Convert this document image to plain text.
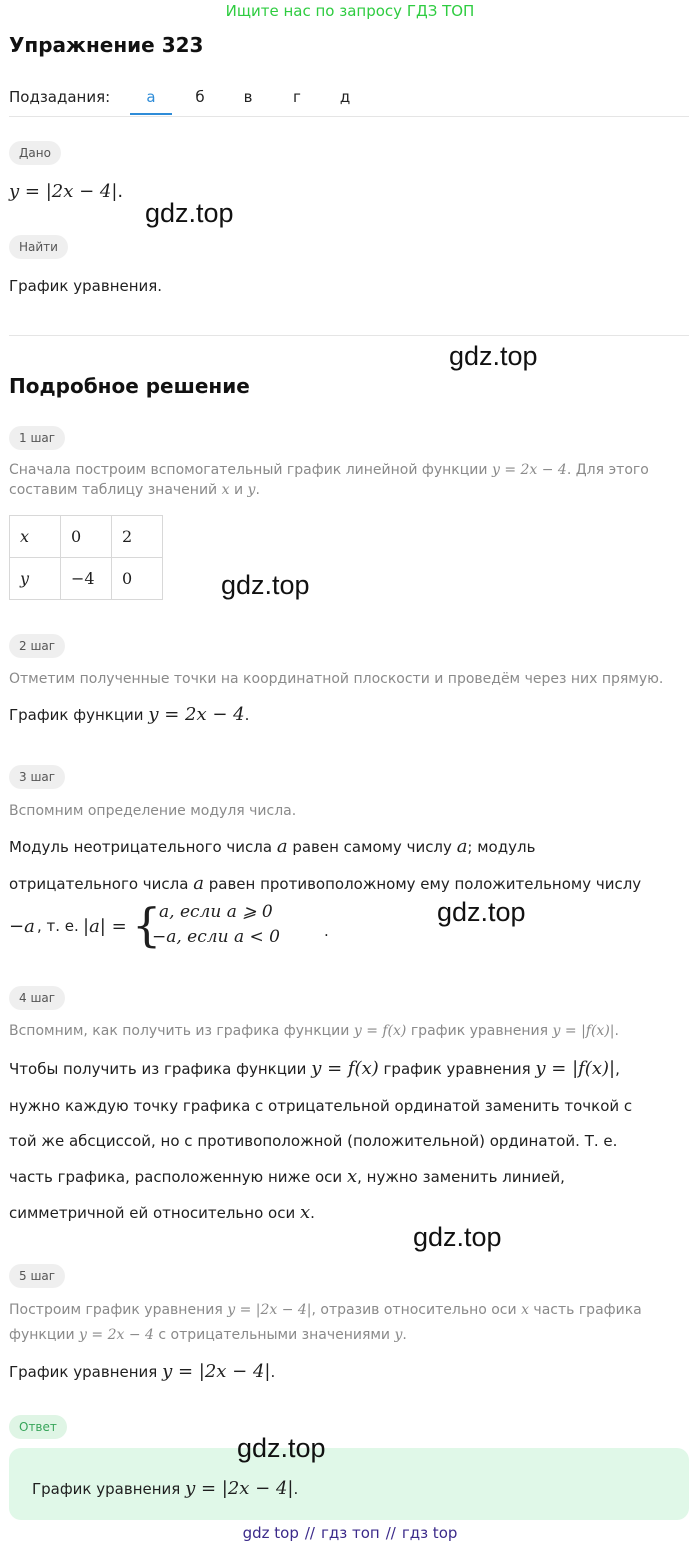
Ищите нас по запросу ГДЗ ТОП
Упражнение 323
Подзадания:	а	б	в	г	д
Дано
y = |2x − 4|.
Найти
График уравнения.
Подробное решение
1 шаг
Сначала построим вспомогательный график линейной функции y = 2x − 4. Для этого
составим таблицу значений x и y.
x	0	2
y	−4	0
2 шаг
Отметим полученные точки на координатной плоскости и проведём через них прямую.
График функции y = 2x − 4.
3 шаг
Вспомним определение модуля числа.
Модуль неотрицательного числа a равен самому числу a; модуль
отрицательного числа a равен противоположному ему положительному числу
−a , т. е. |a| = {
a, если a ⩾ 0
−a, если a < 0	.
4 шаг
Вспомним, как получить из графика функции y = f(x) график уравнения y = |f(x)|.
Чтобы получить из графика функции y = f(x) график уравнения y = |f(x)|,
нужно каждую точку графика с отрицательной ординатой заменить точкой с
той же абсциссой, но с противоположной (положительной) ординатой. Т. е.
часть графика, расположенную ниже оси x, нужно заменить линией,
симметричной ей относительно оси x.
5 шаг
Построим график уравнения y = |2x − 4|, отразив относительно оси x часть графика
функции y = 2x − 4 с отрицательными значениями y.
График уравнения y = |2x − 4|.
Ответ
График уравнения y = |2x − 4|.
gdz.top
gdz.top
gdz.top
gdz.top
gdz.top
gdz.top
gdz top // гдз топ // гдз top
